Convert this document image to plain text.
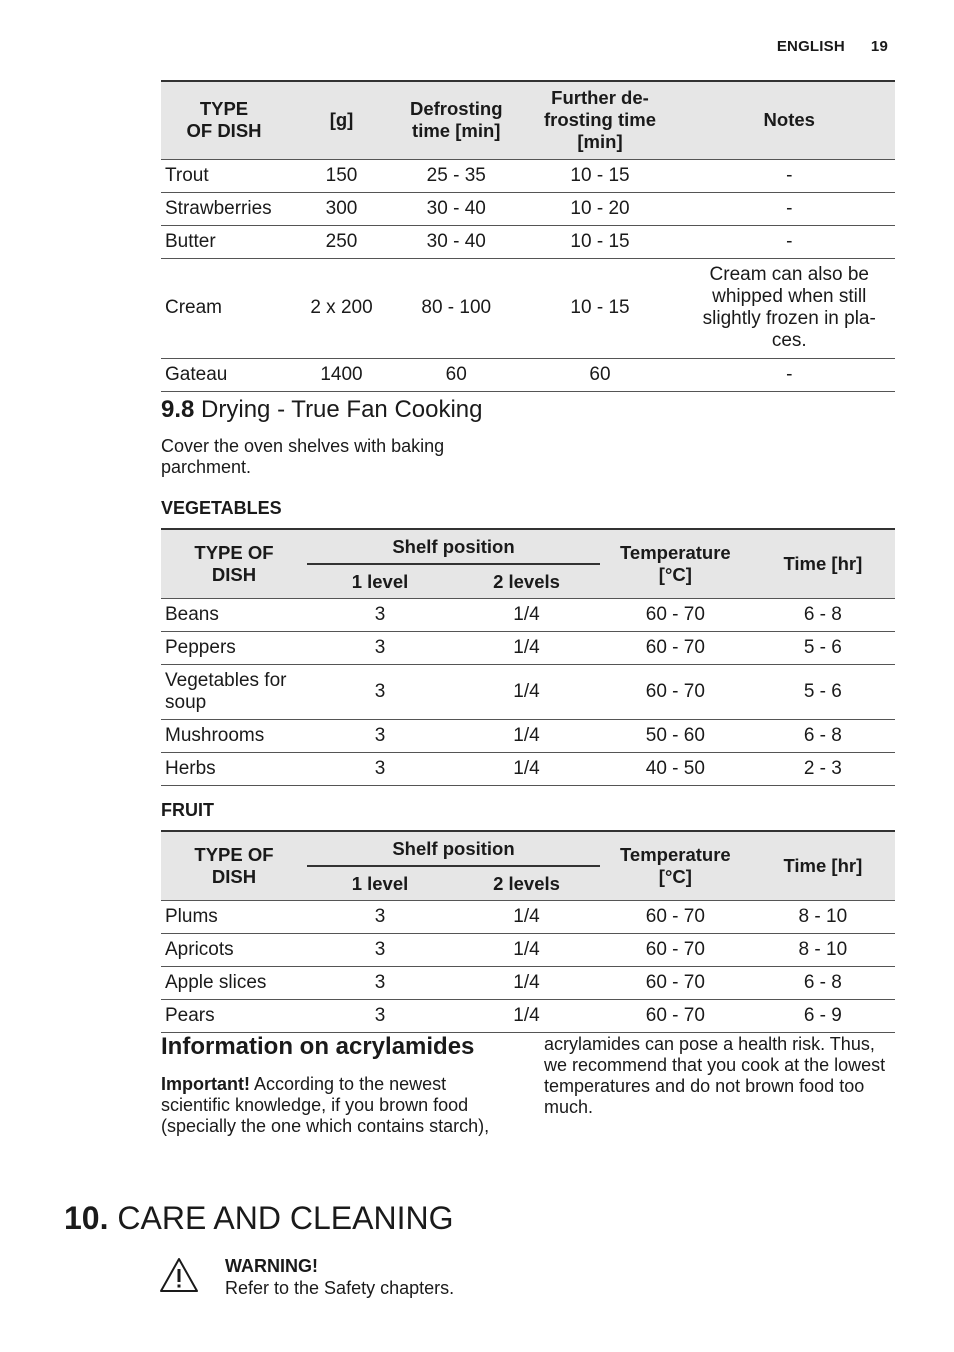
ENGLISH 19
TYPE OF DISH	[g]	Defrosting time [min]	Further de-frosting time [min]	Notes
Trout	150	25 - 35	10 - 15	-
Strawberries	300	30 - 40	10 - 20	-
Butter	250	30 - 40	10 - 15	-
Cream	2 x 200	80 - 100	10 - 15	Cream can also be whipped when still slightly frozen in pla-ces.
Gateau	1400	60	60	-
9.8 Drying - True Fan Cooking
Cover the oven shelves with baking parchment.
VEGETABLES
TYPE OF DISH	Shelf position		Temperature [°C]	Time [hr]
	1 level	2 levels		
Beans	3	1/4	60 - 70	6 - 8
Peppers	3	1/4	60 - 70	5 - 6
Vegetables for soup	3	1/4	60 - 70	5 - 6
Mushrooms	3	1/4	50 - 60	6 - 8
Herbs	3	1/4	40 - 50	2 - 3
FRUIT
TYPE OF DISH	Shelf position		Temperature [°C]	Time [hr]
	1 level	2 levels		
Plums	3	1/4	60 - 70	8 - 10
Apricots	3	1/4	60 - 70	8 - 10
Apple slices	3	1/4	60 - 70	6 - 8
Pears	3	1/4	60 - 70	6 - 9
Information on acrylamides
Important! According to the newest scientific knowledge, if you brown food (specially the one which contains starch),
acrylamides can pose a health risk. Thus, we recommend that you cook at the lowest temperatures and do not brown food too much.
10. CARE AND CLEANING
WARNING!
Refer to the Safety chapters.
